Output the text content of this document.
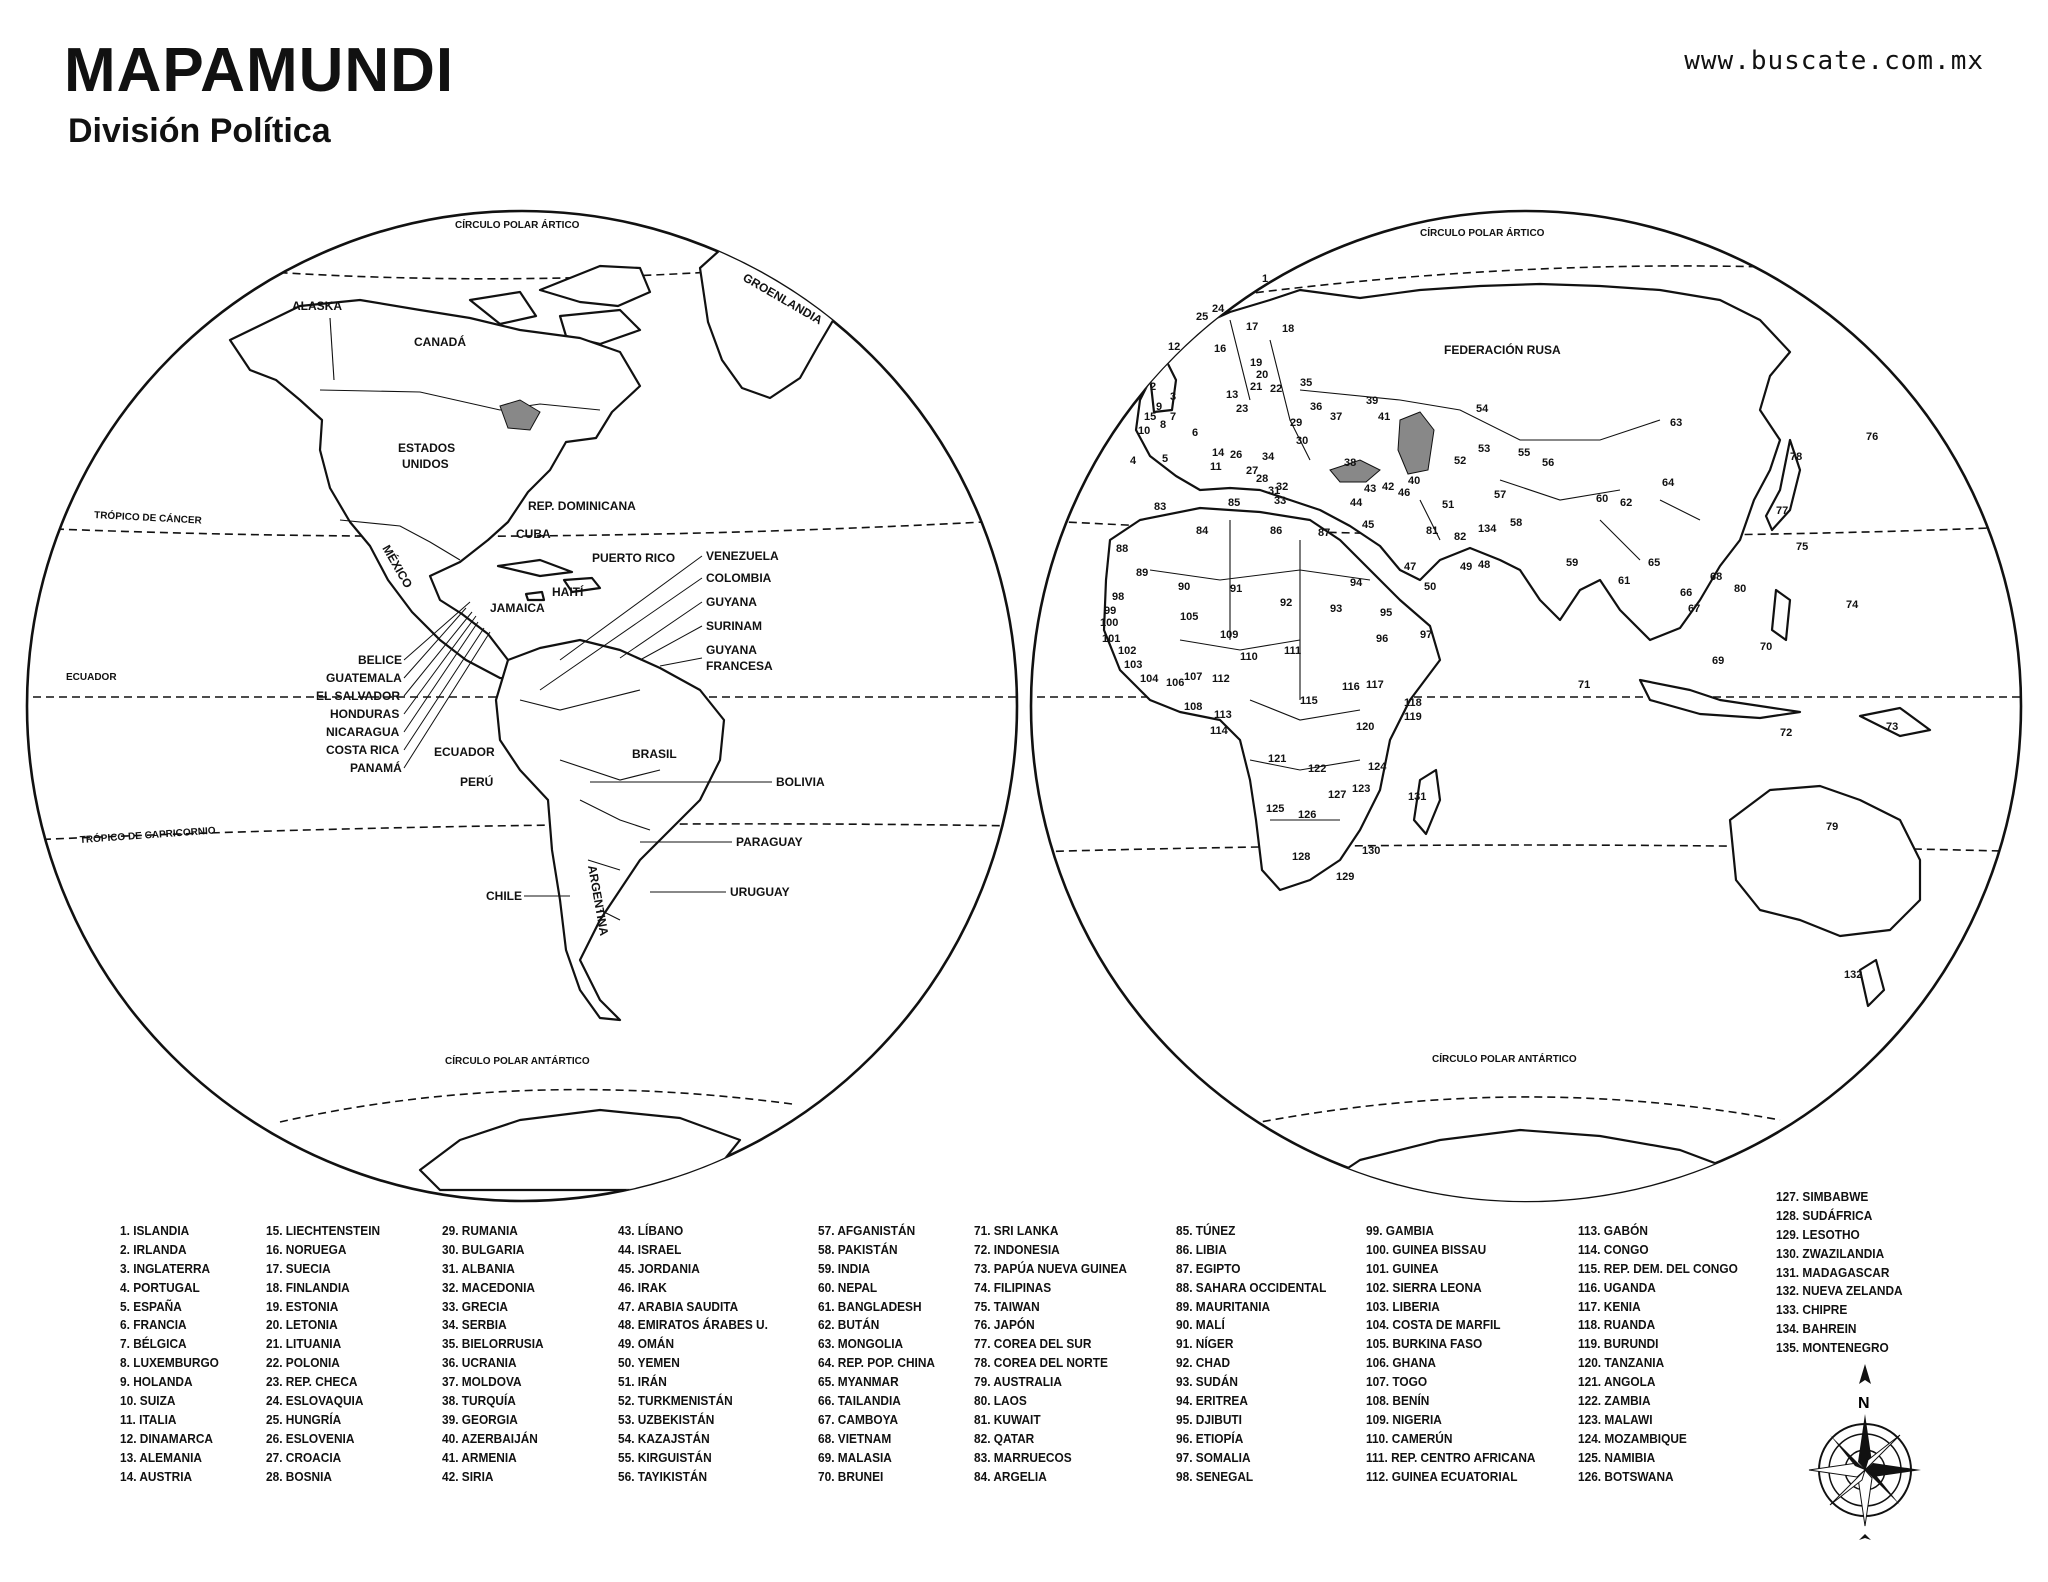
MAPAMUNDI
División Política
www.buscate.com.mx
CÍRCULO POLAR ÁRTICO
TRÓPICO DE CÁNCER
ECUADOR
TRÓPICO DE CAPRICORNIO
CÍRCULO POLAR ANTÁRTICO
ALASKA
CANADÁ
GROENLANDIA
ESTADOS
UNIDOS
MÉXICO
CUBA
REP. DOMINICANA
PUERTO RICO
HAITÍ
JAMAICA
BELICE
GUATEMALA
EL SALVADOR
HONDURAS
NICARAGUA
COSTA RICA
PANAMÁ
VENEZUELA
COLOMBIA
GUYANA
SURINAM
GUYANA
FRANCESA
ECUADOR
PERÚ
BRASIL
BOLIVIA
PARAGUAY
URUGUAY
CHILE	ARGENTINA
CÍRCULO POLAR ÁRTICO
CÍRCULO POLAR ANTÁRTICO
FEDERACIÓN RUSA
1
2
3
4 5
6
7
8
9
10
11
12
13
14
15
16
17 18
19
20
21 22
23
24
25
26
27
28
29
30
31
32
33
34
35
36
37
38
39
40
41
42
43
44
45
46
47	48
49
50
51
52
53
54
55
56
57
58
59
60
61
62
63
64
65
66
67
68
69
70
71
72	73
74
75
76
77
78
79
80
81 82
83
84
85
86	87
88
89
90	91
92	93
94
95
96	97
98
99
100
101
102
103
104
105
106 107
108
109
110 111
112
113
114
115
116 117
118
119
120
121
122
123
124
125 126
127
128
129
130
131
132
134
1. ISLANDIA
2. IRLANDA
3. INGLATERRA
4. PORTUGAL
5. ESPAÑA
6. FRANCIA
7. BÉLGICA
8. LUXEMBURGO
9. HOLANDA
10. SUIZA
11. ITALIA
12. DINAMARCA
13. ALEMANIA
14. AUSTRIA
15. LIECHTENSTEIN
16. NORUEGA
17. SUECIA
18. FINLANDIA
19. ESTONIA
20. LETONIA
21. LITUANIA
22. POLONIA
23. REP. CHECA
24. ESLOVAQUIA
25. HUNGRÍA
26. ESLOVENIA
27. CROACIA
28. BOSNIA
29. RUMANIA
30. BULGARIA
31. ALBANIA
32. MACEDONIA
33. GRECIA
34. SERBIA
35. BIELORRUSIA
36. UCRANIA
37. MOLDOVA
38. TURQUÍA
39. GEORGIA
40. AZERBAIJÁN
41. ARMENIA
42. SIRIA
43. LÍBANO
44. ISRAEL
45. JORDANIA
46. IRAK
47. ARABIA SAUDITA
48. EMIRATOS ÁRABES U.
49. OMÁN
50. YEMEN
51. IRÁN
52. TURKMENISTÁN
53. UZBEKISTÁN
54. KAZAJSTÁN
55. KIRGUISTÁN
56. TAYIKISTÁN
57. AFGANISTÁN
58. PAKISTÁN
59. INDIA
60. NEPAL
61. BANGLADESH
62. BUTÁN
63. MONGOLIA
64. REP. POP. CHINA
65. MYANMAR
66. TAILANDIA
67. CAMBOYA
68. VIETNAM
69. MALASIA
70. BRUNEI
71. SRI LANKA
72. INDONESIA
73. PAPÚA NUEVA GUINEA
74. FILIPINAS
75. TAIWAN
76. JAPÓN
77. COREA DEL SUR
78. COREA DEL NORTE
79. AUSTRALIA
80. LAOS
81. KUWAIT
82. QATAR
83. MARRUECOS
84. ARGELIA
85. TÚNEZ
86. LIBIA
87. EGIPTO
88. SAHARA OCCIDENTAL
89. MAURITANIA
90. MALÍ
91. NÍGER
92. CHAD
93. SUDÁN
94. ERITREA
95. DJIBUTI
96. ETIOPÍA
97. SOMALIA
98. SENEGAL
99. GAMBIA
100. GUINEA BISSAU
101. GUINEA
102. SIERRA LEONA
103. LIBERIA
104. COSTA DE MARFIL
105. BURKINA FASO
106. GHANA
107. TOGO
108. BENÍN
109. NIGERIA
110. CAMERÚN
111. REP. CENTRO AFRICANA
112. GUINEA ECUATORIAL
113. GABÓN
114. CONGO
115. REP. DEM. DEL CONGO
116. UGANDA
117. KENIA
118. RUANDA
119. BURUNDI
120. TANZANIA
121. ANGOLA
122. ZAMBIA
123. MALAWI
124. MOZAMBIQUE
125. NAMIBIA
126. BOTSWANA
127. SIMBABWE
128. SUDÁFRICA
129. LESOTHO
130. ZWAZILANDIA
131. MADAGASCAR
132. NUEVA ZELANDA
133. CHIPRE
134. BAHREIN
135. MONTENEGRO
N
